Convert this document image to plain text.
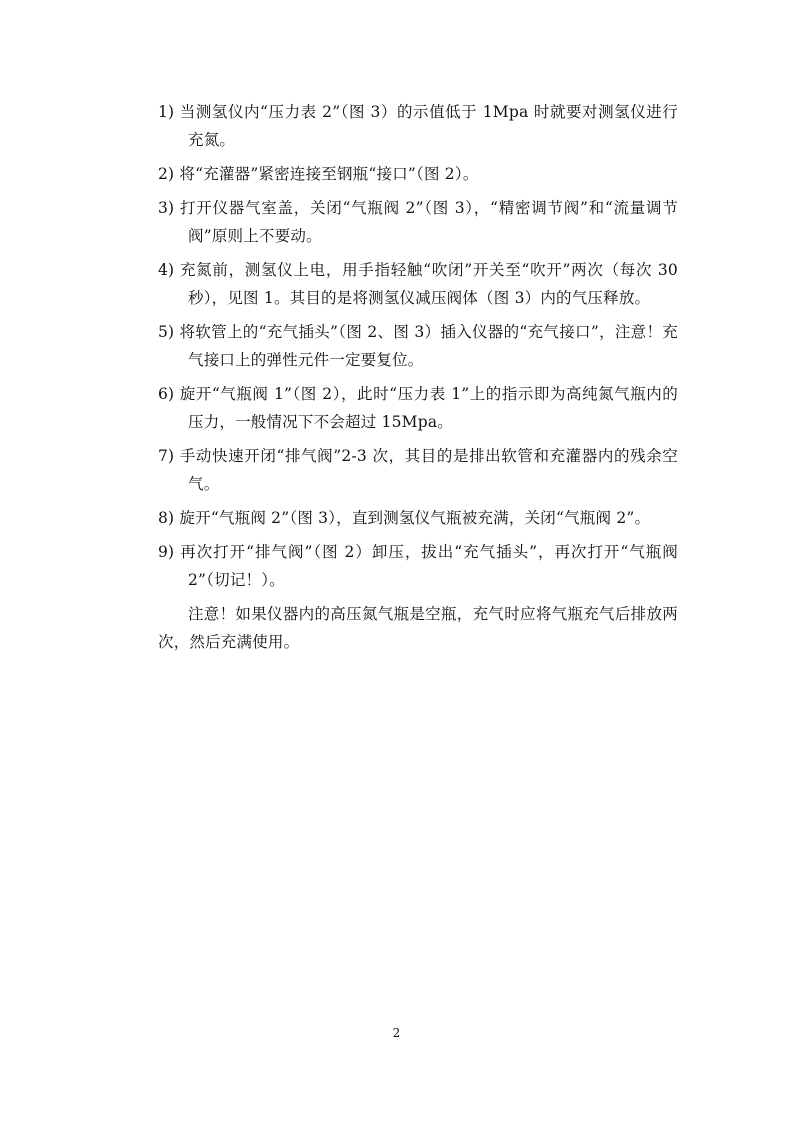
1) 当测氢仪内“压力表 2”（图 3）的示值低于 1Mpa 时就要对测氢仪进行充氮。

2) 将“充灌器”紧密连接至钢瓶“接口”（图 2）。

3) 打开仪器气室盖，关闭“气瓶阀 2”（图 3），“精密调节阀”和“流量调节阀”原则上不要动。

4) 充氮前，测氢仪上电，用手指轻触“吹闭”开关至“吹开”两次（每次 30 秒），见图 1。其目的是将测氢仪减压阀体（图 3）内的气压释放。

5) 将软管上的“充气插头”（图 2、图 3）插入仪器的“充气接口”，注意！充气接口上的弹性元件一定要复位。

6) 旋开“气瓶阀 1”（图 2），此时“压力表 1”上的指示即为高纯氮气瓶内的压力，一般情况下不会超过 15Mpa。

7) 手动快速开闭“排气阀”2-3 次，其目的是排出软管和充灌器内的残余空气。

8) 旋开“气瓶阀 2”（图 3），直到测氢仪气瓶被充满，关闭“气瓶阀 2”。

9) 再次打开“排气阀”（图 2）卸压，拔出“充气插头”，再次打开“气瓶阀 2”（切记！）。

注意！如果仪器内的高压氮气瓶是空瓶，充气时应将气瓶充气后排放两次，然后充满使用。

2
